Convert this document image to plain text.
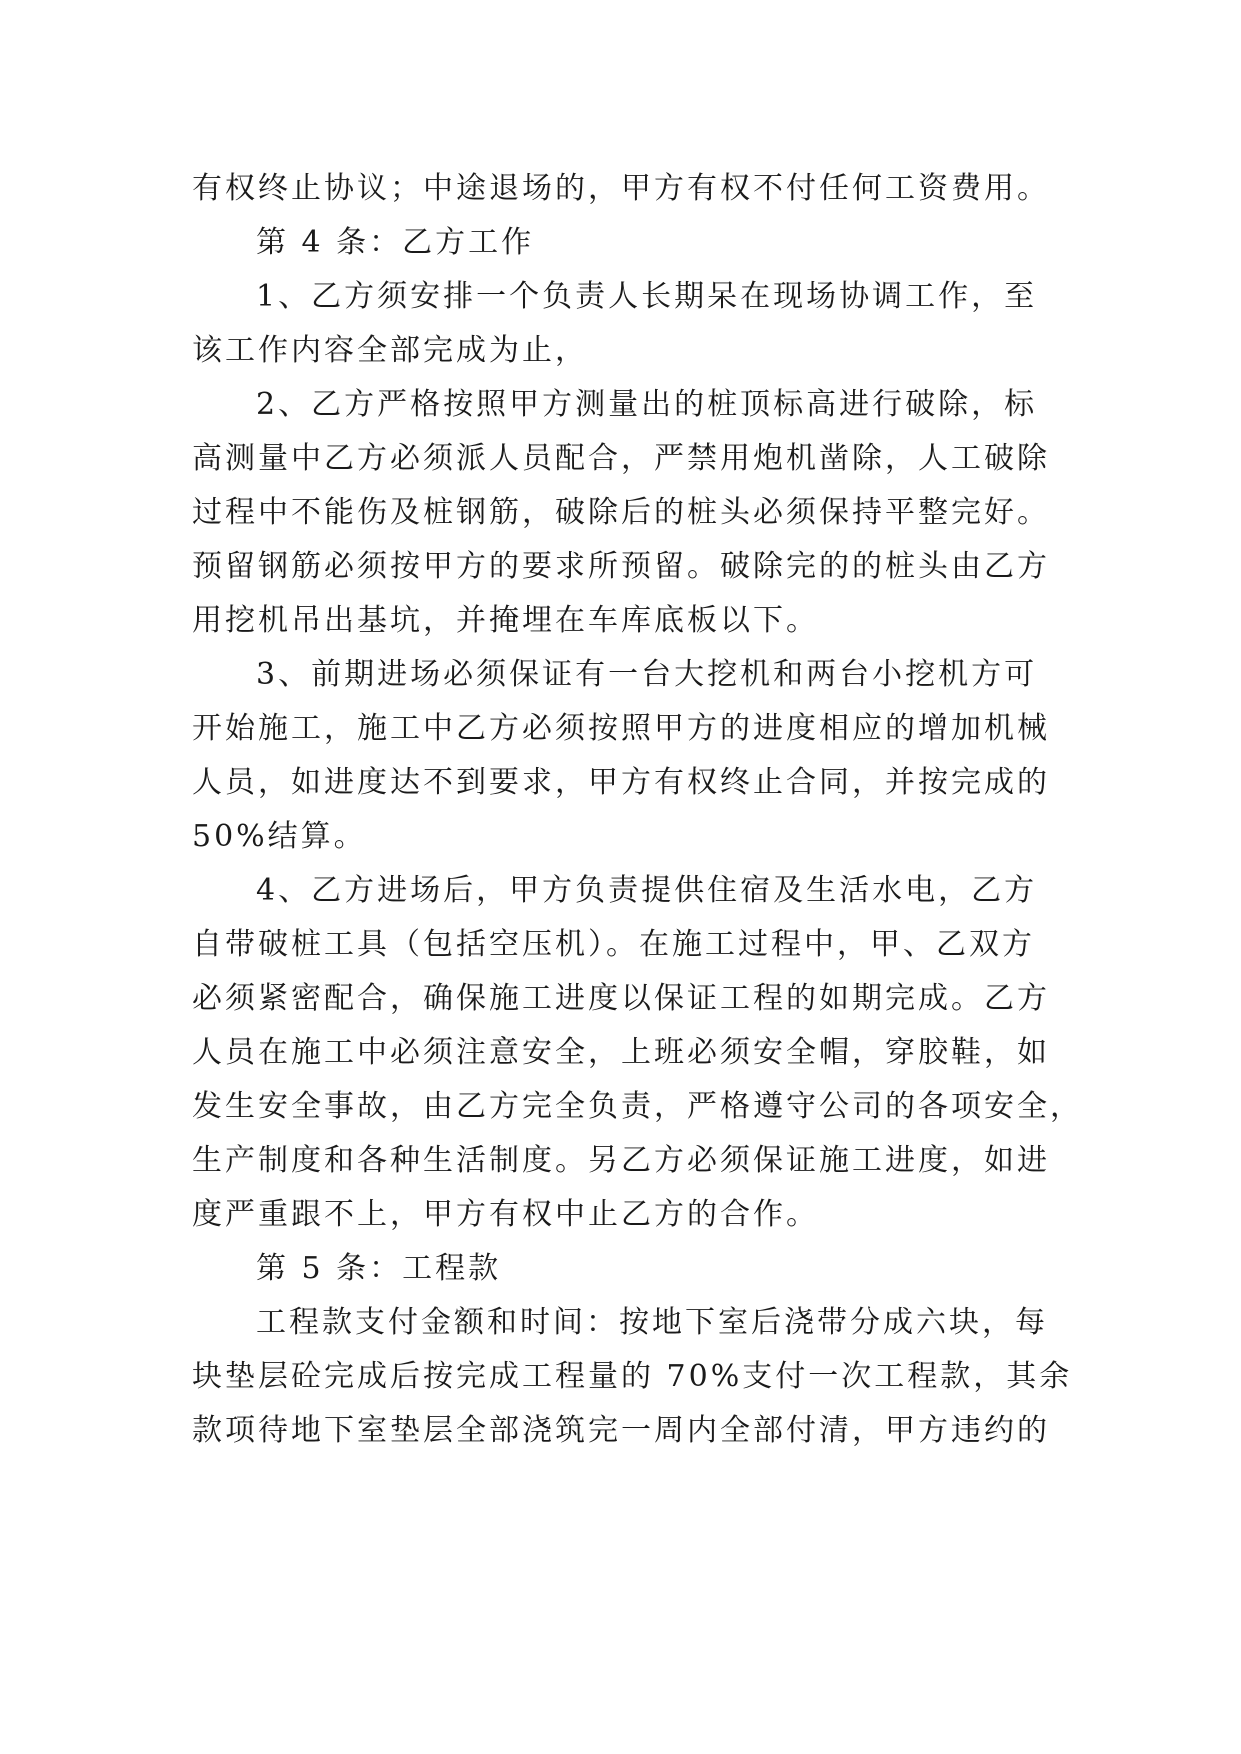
有权终止协议；中途退场的，甲方有权不付任何工资费用。
第 4 条：乙方工作
1、乙方须安排一个负责人长期呆在现场协调工作，至
该工作内容全部完成为止，
2、乙方严格按照甲方测量出的桩顶标高进行破除，标
高测量中乙方必须派人员配合，严禁用炮机凿除，人工破除
过程中不能伤及桩钢筋，破除后的桩头必须保持平整完好。
预留钢筋必须按甲方的要求所预留。破除完的的桩头由乙方
用挖机吊出基坑，并掩埋在车库底板以下。
3、前期进场必须保证有一台大挖机和两台小挖机方可
开始施工，施工中乙方必须按照甲方的进度相应的增加机械
人员，如进度达不到要求，甲方有权终止合同，并按完成的
50%结算。
4、乙方进场后，甲方负责提供住宿及生活水电，乙方
自带破桩工具（包括空压机）。在施工过程中，甲、乙双方
必须紧密配合，确保施工进度以保证工程的如期完成。乙方
人员在施工中必须注意安全，上班必须安全帽，穿胶鞋，如
发生安全事故，由乙方完全负责，严格遵守公司的各项安全，
生产制度和各种生活制度。另乙方必须保证施工进度，如进
度严重跟不上，甲方有权中止乙方的合作。
第 5 条：工程款
工程款支付金额和时间：按地下室后浇带分成六块，每
块垫层砼完成后按完成工程量的 70%支付一次工程款，其余
款项待地下室垫层全部浇筑完一周内全部付清，甲方违约的
